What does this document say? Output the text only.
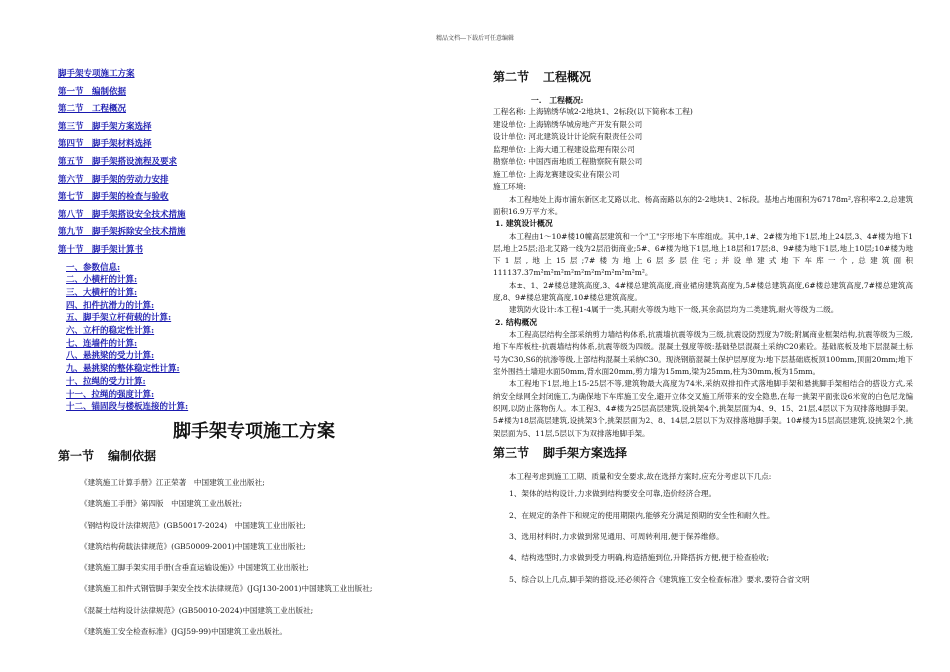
精品文档---下载后可任意编辑
脚手架专项施工方案
第一节　编制依据
第二节　工程概况
第三节　脚手架方案选择
第四节　脚手架材料选择
第五节　脚手架搭设流程及要求
第六节　脚手架的劳动力安排
第七节　脚手架的检查与验收
第八节　脚手架搭设安全技术措施
第九节　脚手架拆除安全技术措施
第十节　脚手架计算书
一、参数信息:
二、小横杆的计算:
三、大横杆的计算:
四、扣件抗滑力的计算:
五、脚手架立杆荷载的计算:
六、立杆的稳定性计算:
七、连墙件的计算:
八、悬挑梁的受力计算:
九、悬挑梁的整体稳定性计算:
十、拉绳的受力计算:
十一、拉绳的强度计算:
十二、锚固段与楼板连接的计算:
脚手架专项施工方案
第一节 编制依据
《建筑施工计算手册》江正荣著　中国建筑工业出版社;
《建筑施工手册》第四版　中国建筑工业出版社;
《钢结构设计法律规范》(GB50017-2024)　中国建筑工业出版社;
《建筑结构荷载法律规范》(GB50009-2001)中国建筑工业出版社;
《建筑施工脚手架实用手册(含垂直运输设施)》中国建筑工业出版社;
《建筑施工扣件式钢管脚手架安全技术法律规范》(JGJ130-2001)中国建筑工业出版社;
《混凝土结构设计法律规范》(GB50010-2024)中国建筑工业出版社;
《建筑施工安全检查标准》(JGJ59-99)中国建筑工业出版社。
第二节 工程概况
一.　工程概况:
工程名称: 上海锦绣华城2-2地块1、2标段(以下简称本工程)
建设单位: 上海锦绣华城房地产开发有限公司
设计单位: 河北建筑设计计论院有限责任公司
监理单位: 上海大通工程建设监理有限公司
勘察单位: 中国西南地质工程勘察院有限公司
施工单位: 上海龙赛建设实业有限公司
施工环境:
本工程地处上海市浦东新区北艾路以北、杨高南路以东的2-2地块1、2标段。基地占地面积为67178m²,容积率2.2,总建筑面积16.9万平方米。
1. 建筑设计概况
本工程由1～10#楼10幢高层建筑和一个"工"字形地下车库组成。其中,1#、2#楼为地下1层,地上24层,3、4#楼为地下1层,地上25层;沿北艾路一线为2层沿街商业;5#、6#楼为地下1层,地上18层和17层;8、9#楼为地下1层,地上10层;10#楼为地下1层,地上15层;7#楼为地上6层多层住宅;并设单建式地下车库一个,总建筑面积111137.37m²m²m²m²m²m²m²m²m²m²m²。
本±、1、2#楼总建筑高度,3、4#楼总建筑高度,商业裙房建筑高度为,5#楼总建筑高度,6#楼总建筑高度,7#楼总建筑高度,8、9#楼总建筑高度,10#楼总建筑高度。
建筑防火设计:本工程1-4属于一类,其耐火等级为地下一级,其余高层均为二类建筑,耐火等级为二级。
2. 结构概况
本工程高层结构全部采纳剪力墙结构体系,抗震墙抗震等级为三级,抗震设防烈度为7级;附属商业框架结构,抗震等级为三级,地下车库板柱-抗震墙结构体系,抗震等级为四级。混凝土强度等级:基础垫层混凝土采纳C20素砼。基础底板及地下层混凝土标号为C30,S6的抗渗等级,上部结构混凝土采纳C30。现浇钢筋混凝土保护层厚度为:地下层基础底板顶100mm,顶面20mm;地下室外围挡土墙迎水面50mm,背水面20mm,剪力墙为15mm,梁为25mm,柱为30mm,板为15mm。
本工程地下1层,地上15-25层不等,建筑物最大高度为74米,采纳双排扣件式落地脚手架和悬挑脚手架相结合的搭设方式,采纳安全绿网全封闭施工,为确保地下车库施工安全,避开立体交叉施工所带来的安全隐患,在每一挑架平面张设6米宽的白色尼龙编织网,以防止落物伤人。本工程3、4#楼为25层高层建筑,设挑架4个,挑架层面为4、9、15、21层,4层以下为双排落地脚手架。5#楼为18层高层建筑,设挑架3个,挑架层面为2、8、14层,2层以下为双排落地脚手架。10#楼为15层高层建筑,设挑架2个,挑架层面为5、11层,5层以下为双排落地脚手架。
第三节 脚手架方案选择
本工程考虑到施工工期、质量和安全要求,故在选择方案时,应充分考虑以下几点:
1、架体的结构设计,力求做到结构要安全可靠,造价经济合理。
2、在规定的条件下和规定的使用期限内,能够充分满足预期的安全性和耐久性。
3、选用材料时,力求做到常见通用、可周转利用,便于保养维修。
4、结构选型时,力求做到受力明确,构造措施到位,升降搭拆方便,便于检查验收;
5、综合以上几点,脚手架的搭设,还必须符合《建筑施工安全检查标准》要求,要符合省文明
